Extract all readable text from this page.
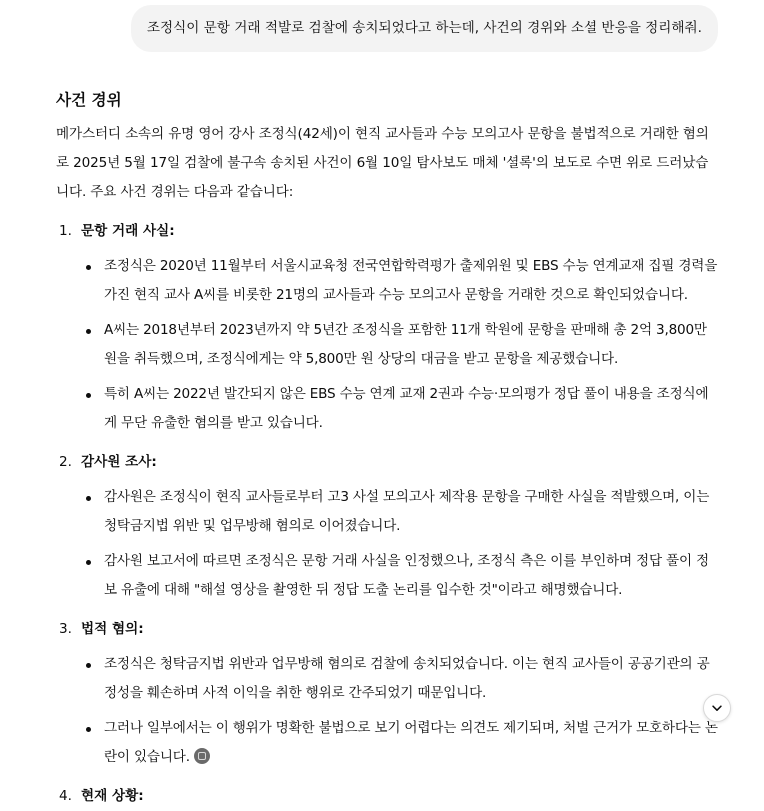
조정식이 문항 거래 적발로 검찰에 송치되었다고 하는데, 사건의 경위와 소셜 반응을 정리해줘.
사건 경위

메가스터디 소속의 유명 영어 강사 조정식(42세)이 현직 교사들과 수능 모의고사 문항을 불법적으로 거래한 혐의로 2025년 5월 17일 검찰에 불구속 송치된 사건이 6월 10일 탐사보도 매체 '셜록'의 보도로 수면 위로 드러났습니다. 주요 사건 경위는 다음과 같습니다:

1. 문항 거래 사실:
조정식은 2020년 11월부터 서울시교육청 전국연합학력평가 출제위원 및 EBS 수능 연계교재 집필 경력을 가진 현직 교사 A씨를 비롯한 21명의 교사들과 수능 모의고사 문항을 거래한 것으로 확인되었습니다.
A씨는 2018년부터 2023년까지 약 5년간 조정식을 포함한 11개 학원에 문항을 판매해 총 2억 3,800만원을 취득했으며, 조정식에게는 약 5,800만 원 상당의 대금을 받고 문항을 제공했습니다.
특히 A씨는 2022년 발간되지 않은 EBS 수능 연계 교재 2권과 수능·모의평가 정답 풀이 내용을 조정식에게 무단 유출한 혐의를 받고 있습니다.
2. 감사원 조사:
감사원은 조정식이 현직 교사들로부터 고3 사설 모의고사 제작용 문항을 구매한 사실을 적발했으며, 이는 청탁금지법 위반 및 업무방해 혐의로 이어졌습니다.
감사원 보고서에 따르면 조정식은 문항 거래 사실을 인정했으나, 조정식 측은 이를 부인하며 정답 풀이 정보 유출에 대해 "해설 영상을 촬영한 뒤 정답 도출 논리를 입수한 것"이라고 해명했습니다.
3. 법적 혐의:
조정식은 청탁금지법 위반과 업무방해 혐의로 검찰에 송치되었습니다. 이는 현직 교사들이 공공기관의 공정성을 훼손하며 사적 이익을 취한 행위로 간주되었기 때문입니다.
그러나 일부에서는 이 행위가 명확한 불법으로 보기 어렵다는 의견도 제기되며, 처벌 근거가 모호하다는 논란이 있습니다.
4. 현재 상황:
